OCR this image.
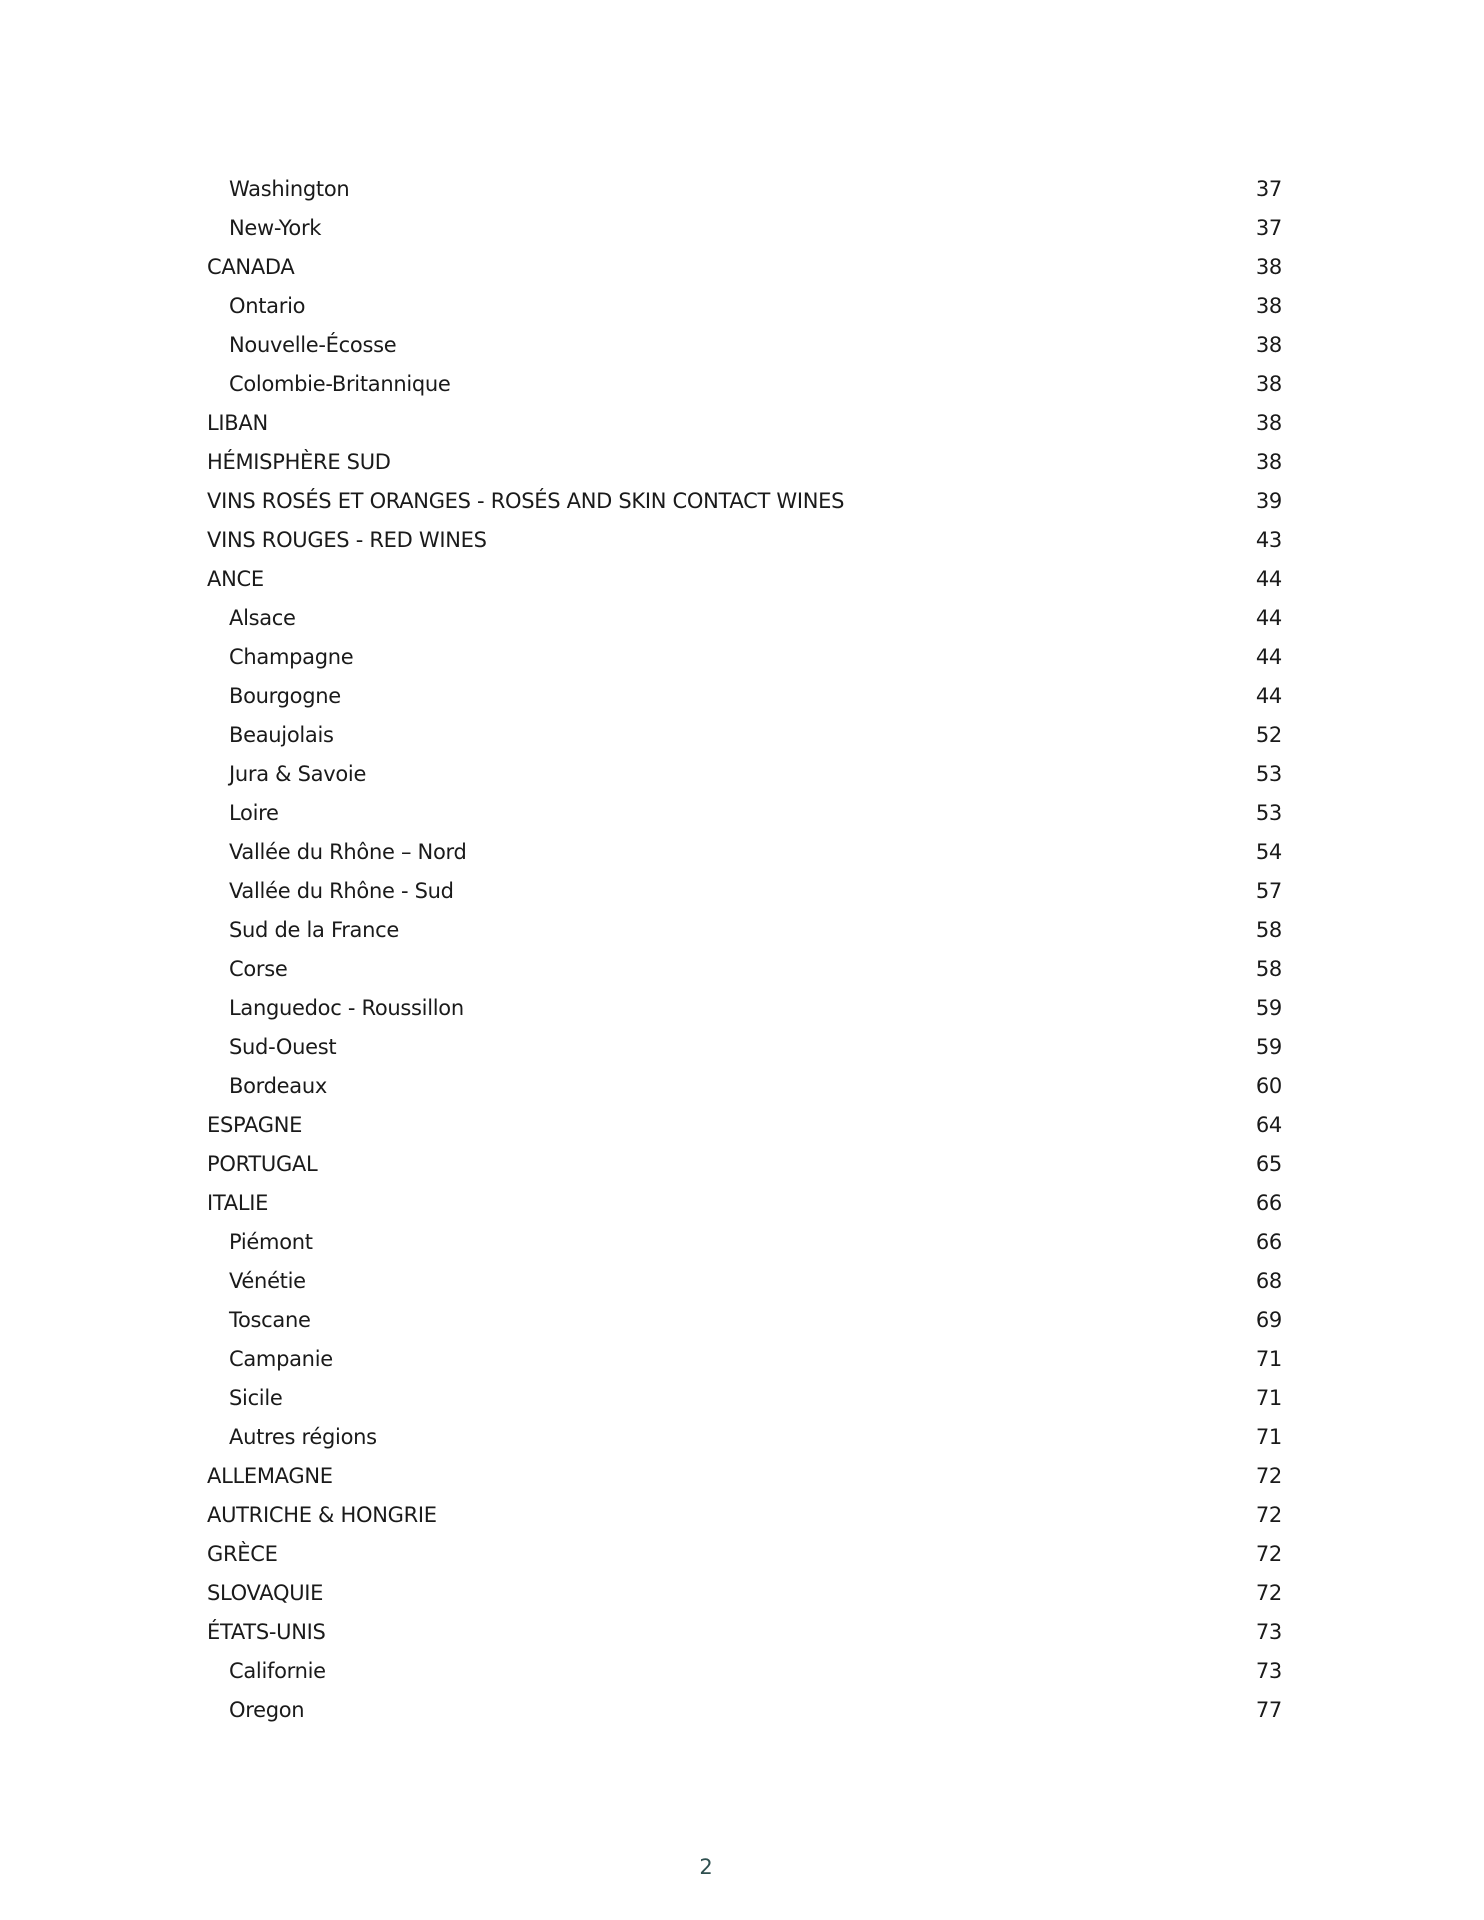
Washington	37
New-York	37
CANADA	38
Ontario	38
Nouvelle-Écosse	38
Colombie-Britannique	38
LIBAN	38
HÉMISPHÈRE SUD	38
VINS ROSÉS ET ORANGES - ROSÉS AND SKIN CONTACT WINES	39
VINS ROUGES - RED WINES	43
ANCE	44
Alsace	44
Champagne	44
Bourgogne	44
Beaujolais	52
Jura & Savoie	53
Loire	53
Vallée du Rhône – Nord	54
Vallée du Rhône - Sud	57
Sud de la France	58
Corse	58
Languedoc - Roussillon	59
Sud-Ouest	59
Bordeaux	60
ESPAGNE	64
PORTUGAL	65
ITALIE	66
Piémont	66
Vénétie	68
Toscane	69
Campanie	71
Sicile	71
Autres régions	71
ALLEMAGNE	72
AUTRICHE & HONGRIE	72
GRÈCE	72
SLOVAQUIE	72
ÉTATS-UNIS	73
Californie	73
Oregon	77
2
